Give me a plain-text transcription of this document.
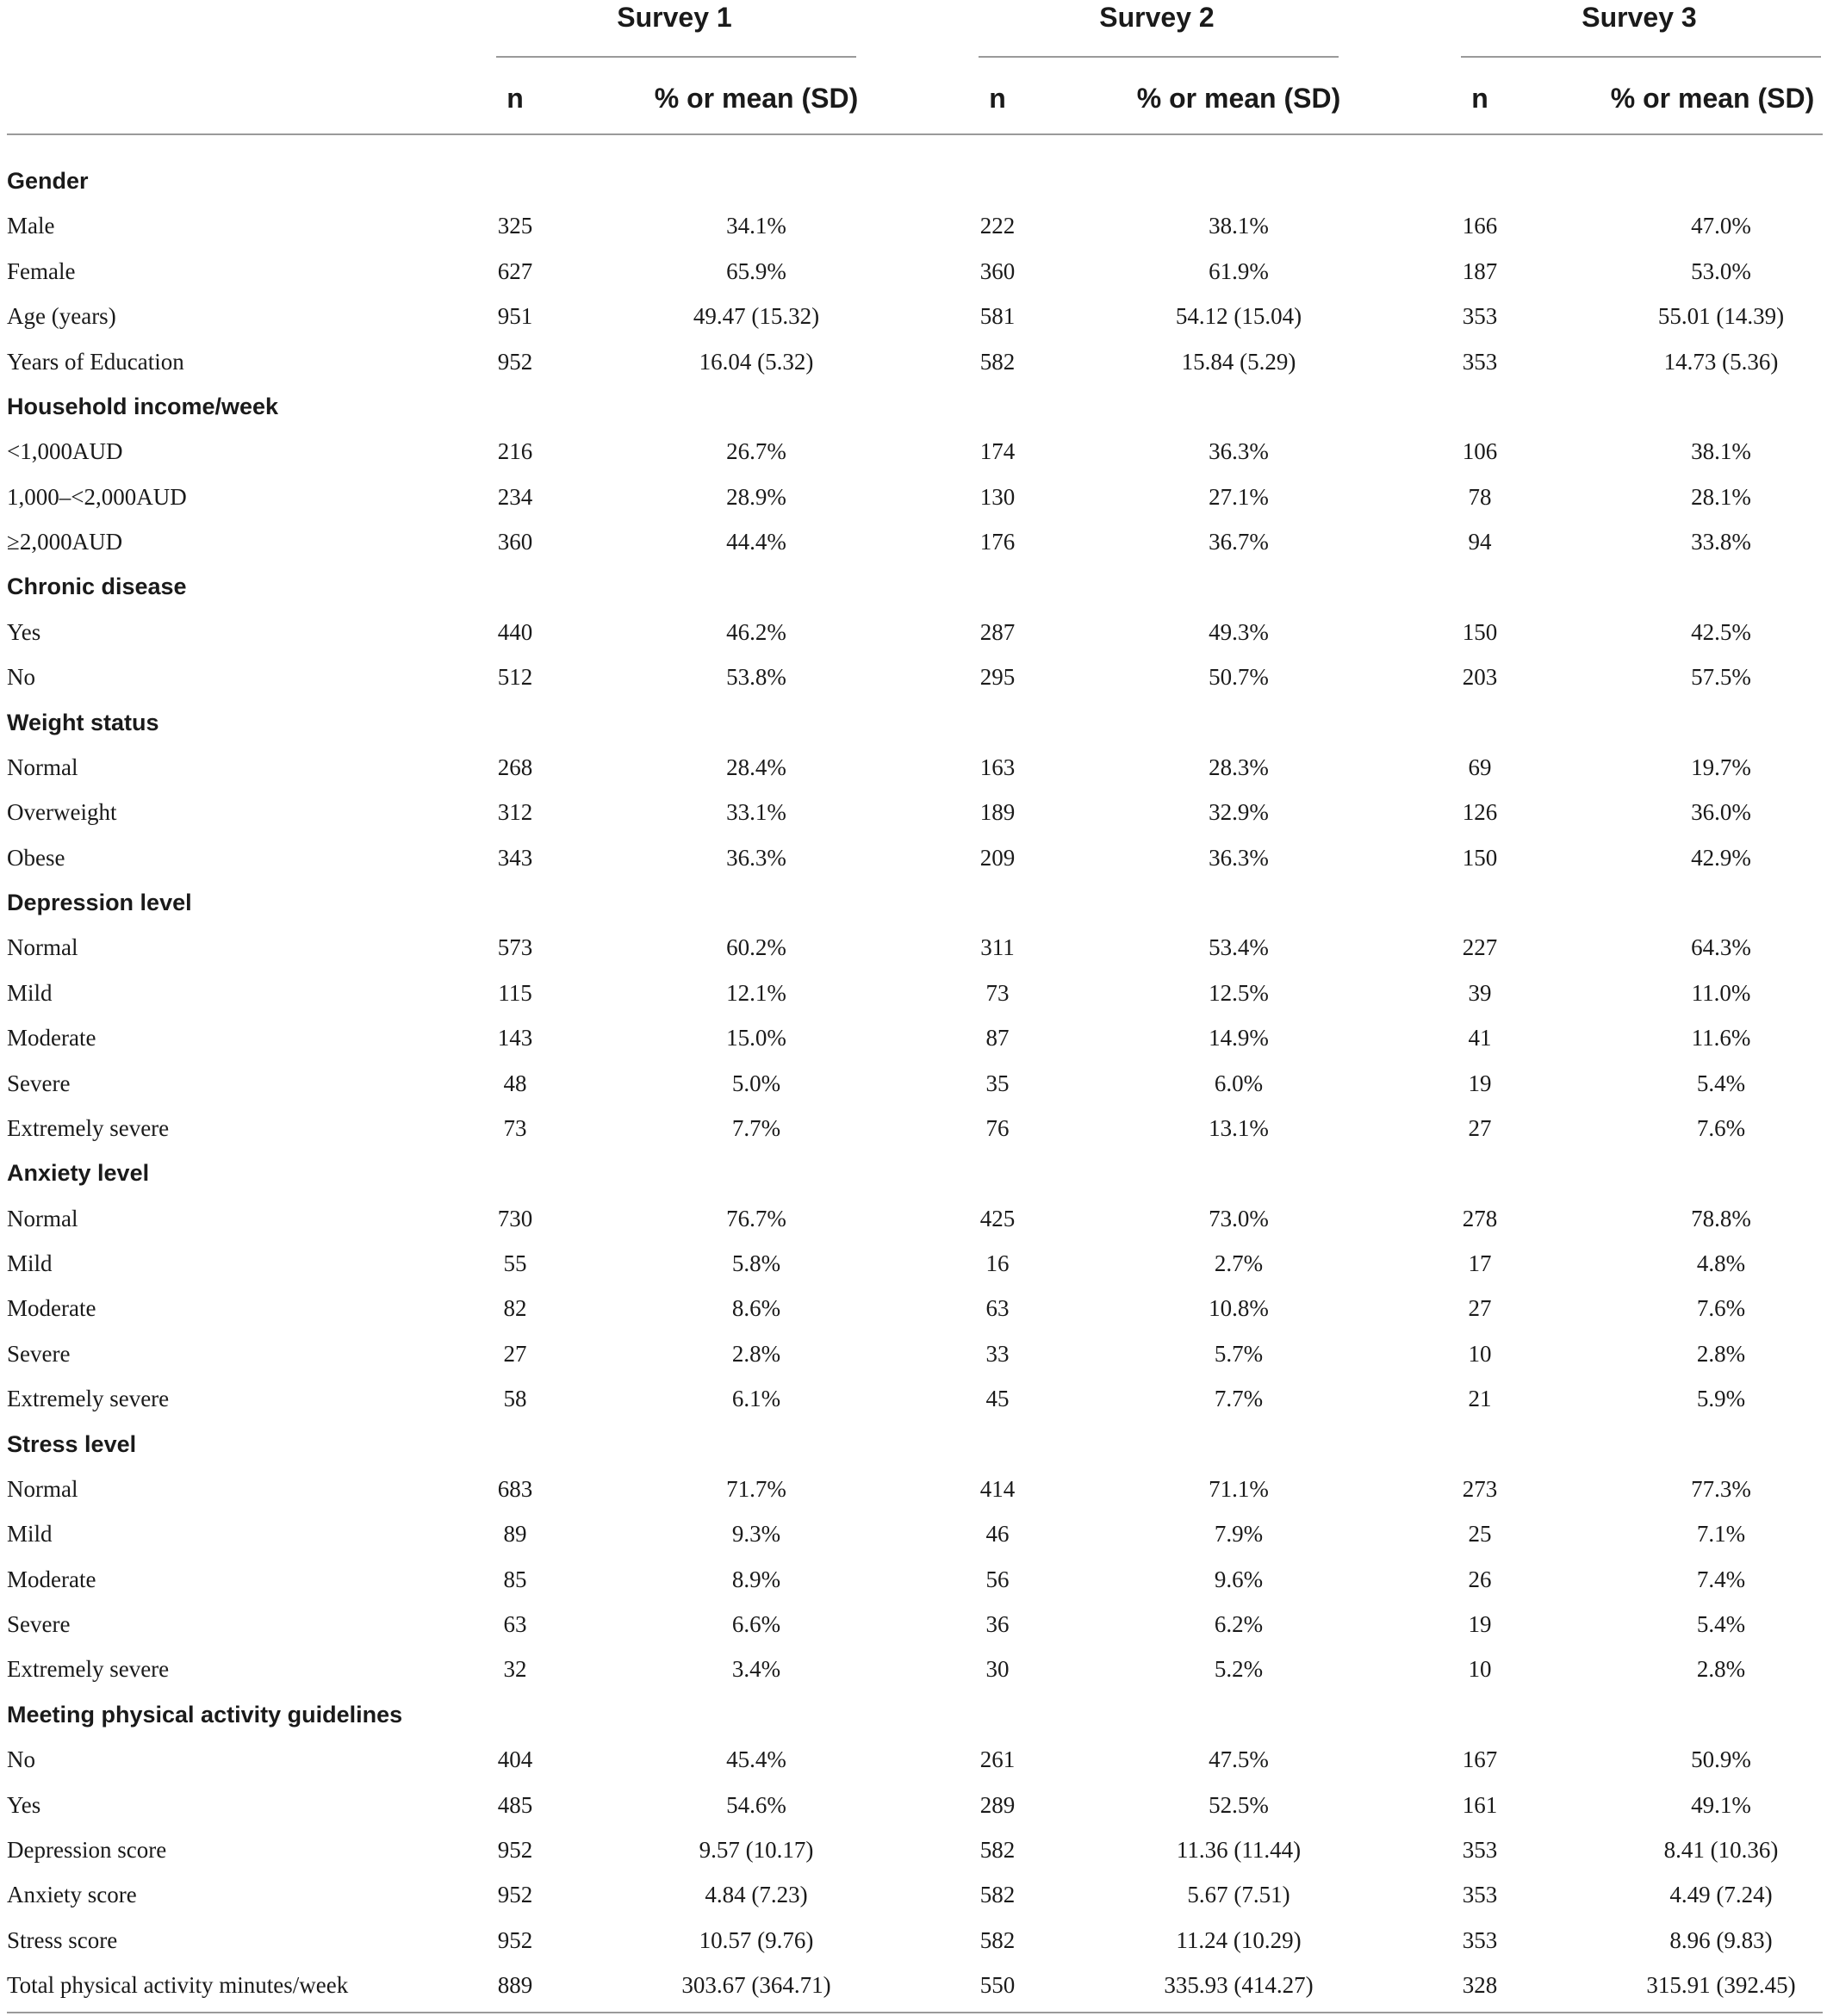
Survey 1	Survey 2	Survey 3
n	% or mean (SD)	n	% or mean (SD)	n	% or mean (SD)
Gender
Male	325	34.1%	222	38.1%	166	47.0%
Female	627	65.9%	360	61.9%	187	53.0%
Age (years)	951	49.47 (15.32)	581	54.12 (15.04)	353	55.01 (14.39)
Years of Education	952	16.04 (5.32)	582	15.84 (5.29)	353	14.73 (5.36)
Household income/week
<1,000AUD	216	26.7%	174	36.3%	106	38.1%
1,000–<2,000AUD	234	28.9%	130	27.1%	78	28.1%
≥2,000AUD	360	44.4%	176	36.7%	94	33.8%
Chronic disease
Yes	440	46.2%	287	49.3%	150	42.5%
No	512	53.8%	295	50.7%	203	57.5%
Weight status
Normal	268	28.4%	163	28.3%	69	19.7%
Overweight	312	33.1%	189	32.9%	126	36.0%
Obese	343	36.3%	209	36.3%	150	42.9%
Depression level
Normal	573	60.2%	311	53.4%	227	64.3%
Mild	115	12.1%	73	12.5%	39	11.0%
Moderate	143	15.0%	87	14.9%	41	11.6%
Severe	48	5.0%	35	6.0%	19	5.4%
Extremely severe	73	7.7%	76	13.1%	27	7.6%
Anxiety level
Normal	730	76.7%	425	73.0%	278	78.8%
Mild	55	5.8%	16	2.7%	17	4.8%
Moderate	82	8.6%	63	10.8%	27	7.6%
Severe	27	2.8%	33	5.7%	10	2.8%
Extremely severe	58	6.1%	45	7.7%	21	5.9%
Stress level
Normal	683	71.7%	414	71.1%	273	77.3%
Mild	89	9.3%	46	7.9%	25	7.1%
Moderate	85	8.9%	56	9.6%	26	7.4%
Severe	63	6.6%	36	6.2%	19	5.4%
Extremely severe	32	3.4%	30	5.2%	10	2.8%
Meeting physical activity guidelines
No	404	45.4%	261	47.5%	167	50.9%
Yes	485	54.6%	289	52.5%	161	49.1%
Depression score	952	9.57 (10.17)	582	11.36 (11.44)	353	8.41 (10.36)
Anxiety score	952	4.84 (7.23)	582	5.67 (7.51)	353	4.49 (7.24)
Stress score	952	10.57 (9.76)	582	11.24 (10.29)	353	8.96 (9.83)
Total physical activity minutes/week	889	303.67 (364.71)	550	335.93 (414.27)	328	315.91 (392.45)
